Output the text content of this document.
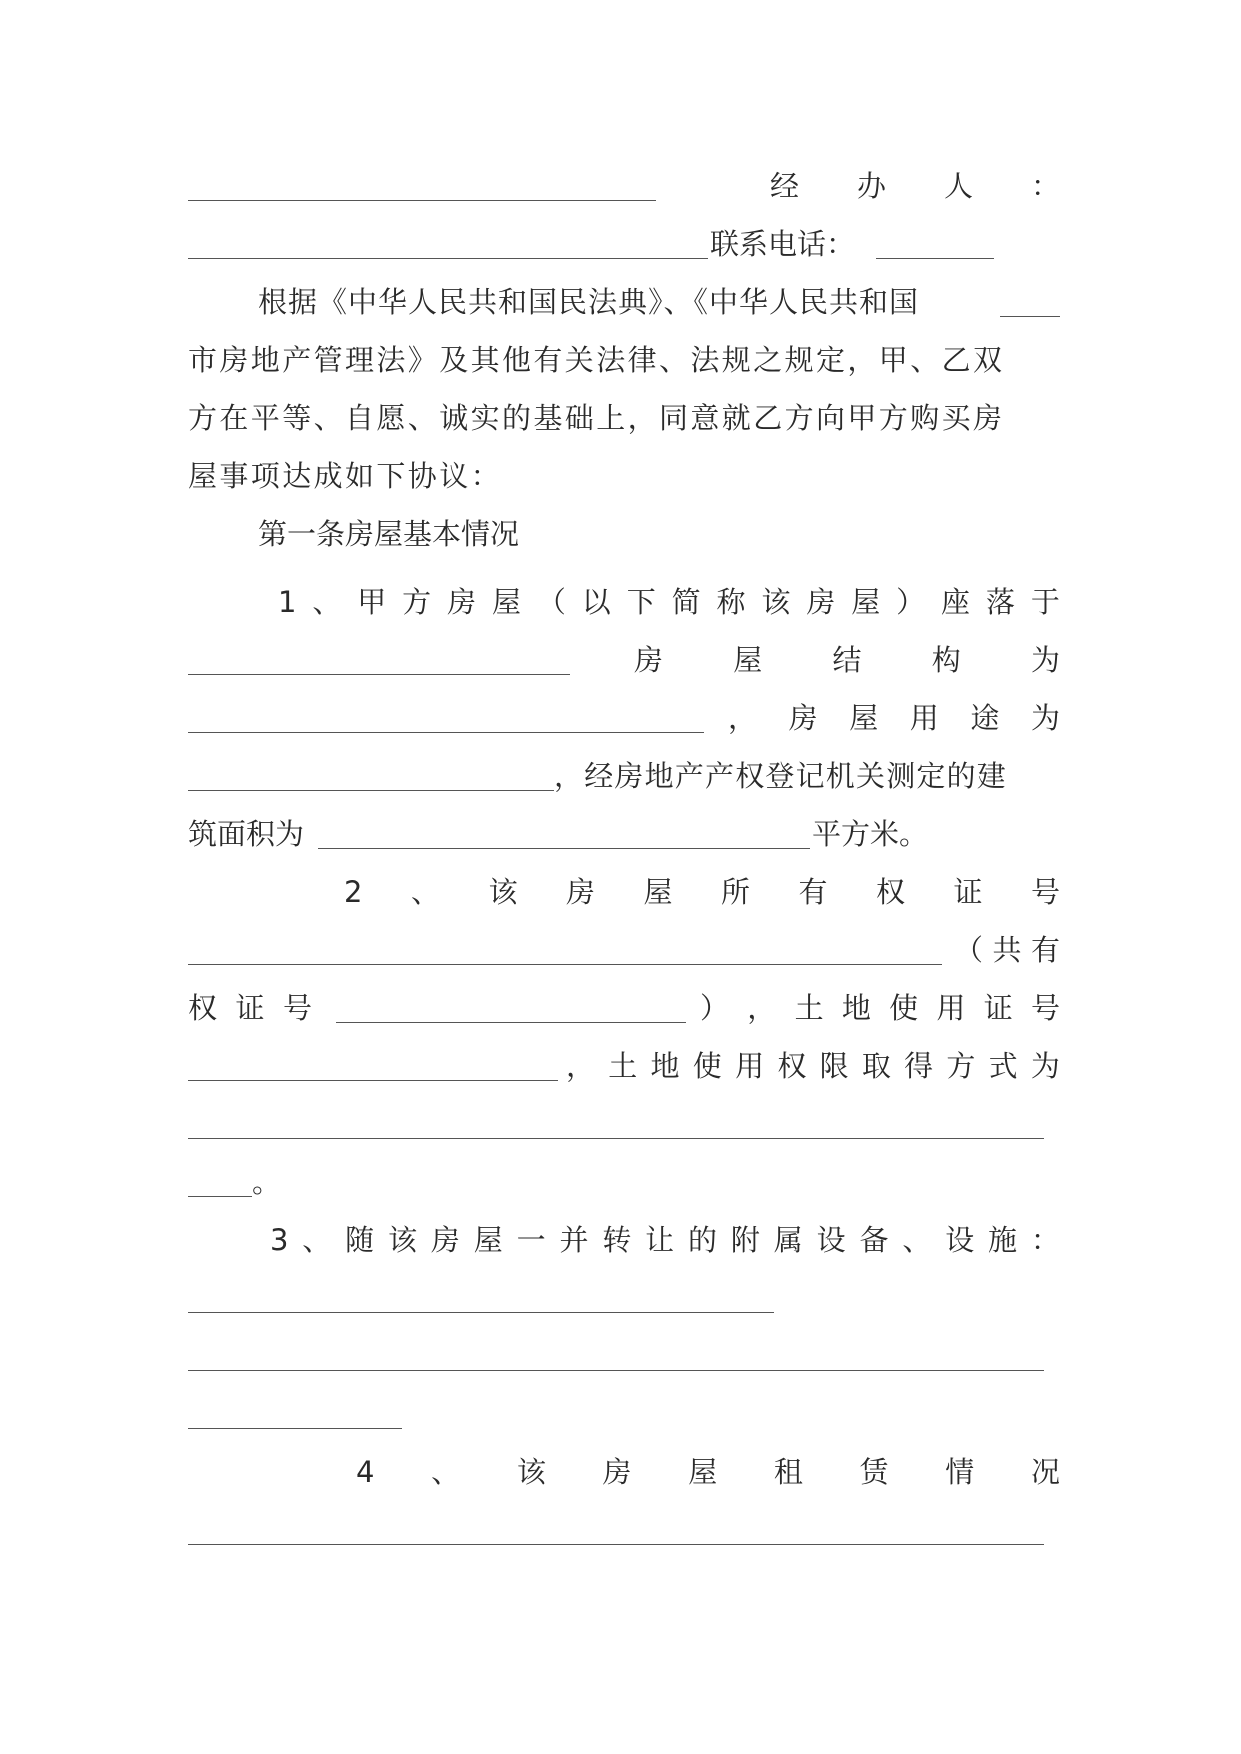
经 办 人 ：
联系电话：
根据《中华人民共和国民法典》、《中华人民共和国
市房地产管理法》及其他有关法律、法规之规定，甲、乙双
方在平等、自愿、诚实的基础上，同意就乙方向甲方购买房
屋事项达成如下协议：
第一条房屋基本情况
1 、 甲 方 房 屋 （ 以 下 简 称 该 房 屋 ） 座 落 于
房 屋 结 构 为
， 房 屋 用 途 为
，经房地产产权登记机关测定的建
筑面积为	平方米。
2 、 该 房 屋 所 有 权 证 号
（ 共 有
权 证 号	） ， 土 地 使 用 证 号
， 土 地 使 用 权 限 取 得 方 式 为
。
3 、 随 该 房 屋 一 并 转 让 的 附 属 设 备 、 设 施 ：
4 、 该 房 屋 租 赁 情 况
